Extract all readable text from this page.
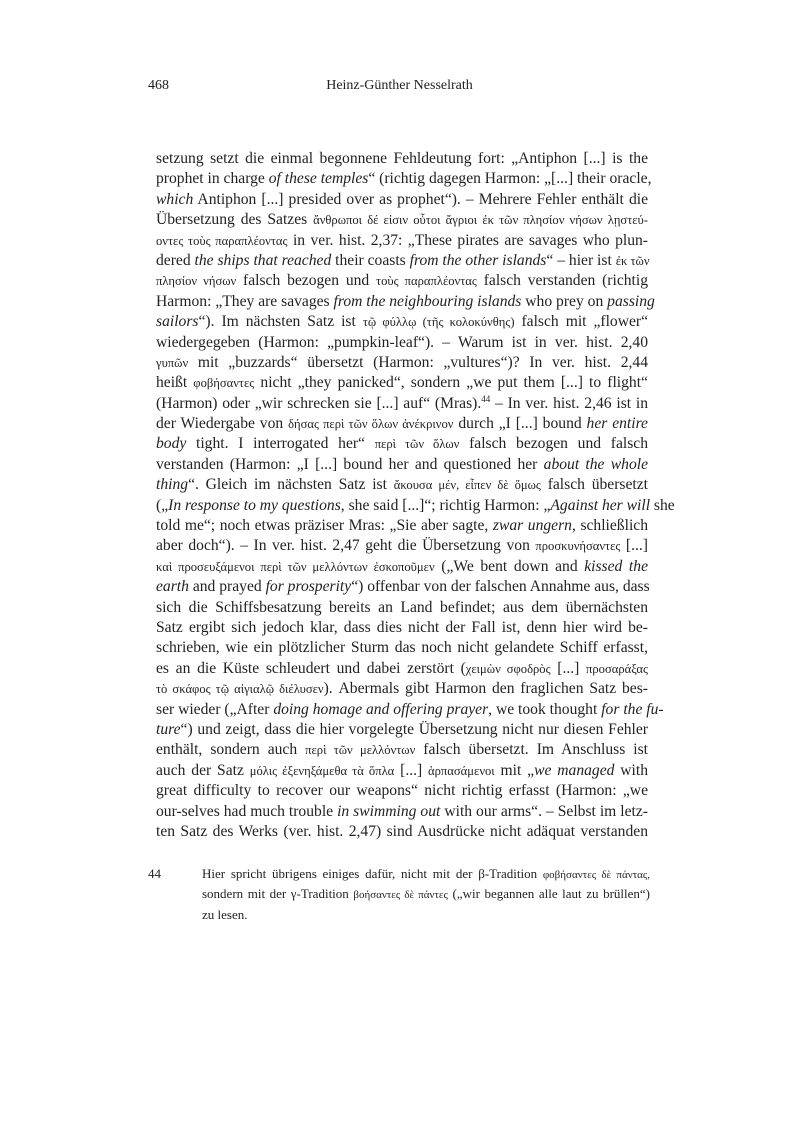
468	Heinz-Günther Nesselrath
setzung setzt die einmal begonnene Fehldeutung fort: „Antiphon [...] is the
prophet in charge of these temples“ (richtig dagegen Harmon: „[...] their oracle,
which Antiphon [...] presided over as prophet“). – Mehrere Fehler enthält die
Übersetzung des Satzes ἄνθρωποι δέ εἰσιν οὗτοι ἄγριοι ἐκ τῶν πλησίον νήσων λῃστεύ-
οντες τοὺς παραπλέοντας in ver. hist. 2,37: „These pirates are savages who plun-
dered the ships that reached their coasts from the other islands“ – hier ist ἐκ τῶν
πλησίον νήσων falsch bezogen und τοὺς παραπλέοντας falsch verstanden (richtig
Harmon: „They are savages from the neighbouring islands who prey on passing
sailors“). Im nächsten Satz ist τῷ φύλλῳ (τῆς κολοκύνθης) falsch mit „flower“
wiedergegeben (Harmon: „pumpkin-leaf“). – Warum ist in ver. hist. 2,40
γυπῶν mit „buzzards“ übersetzt (Harmon: „vultures“)? In ver. hist. 2,44
heißt φοβήσαντες nicht „they panicked“, sondern „we put them [...] to flight“
(Harmon) oder „wir schrecken sie [...] auf“ (Mras).$^{44}$ – In ver. hist. 2,46 ist in
der Wiedergabe von δήσας περὶ τῶν ὅλων ἀνέκρινον durch „I [...] bound her entire
body tight. I interrogated her“ περὶ τῶν ὅλων falsch bezogen und falsch
verstanden (Harmon: „I [...] bound her and questioned her about the whole
thing“. Gleich im nächsten Satz ist ἄκουσα μέν, εἶπεν δὲ ὅμως falsch übersetzt
(„In response to my questions, she said [...]“; richtig Harmon: „Against her will she
told me“; noch etwas präziser Mras: „Sie aber sagte, zwar ungern, schließlich
aber doch“). – In ver. hist. 2,47 geht die Übersetzung von προσκυνήσαντες [...]
καὶ προσευξάμενοι περὶ τῶν μελλόντων ἐσκοποῦμεν („We bent down and kissed the
earth and prayed for prosperity“) offenbar von der falschen Annahme aus, dass
sich die Schiffsbesatzung bereits an Land befindet; aus dem übernächsten
Satz ergibt sich jedoch klar, dass dies nicht der Fall ist, denn hier wird be-
schrieben, wie ein plötzlicher Sturm das noch nicht gelandete Schiff erfasst,
es an die Küste schleudert und dabei zerstört (χειμὼν σφοδρὸς [...] προσαράξας
τὸ σκάφος τῷ αἰγιαλῷ διέλυσεν). Abermals gibt Harmon den fraglichen Satz bes-
ser wieder („After doing homage and offering prayer, we took thought for the fu-
ture“) und zeigt, dass die hier vorgelegte Übersetzung nicht nur diesen Fehler
enthält, sondern auch περὶ τῶν μελλόντων falsch übersetzt. Im Anschluss ist
auch der Satz μόλις ἐξενηξάμεθα τὰ ὅπλα [...] ἁρπασάμενοι mit „we managed with
great difficulty to recover our weapons“ nicht richtig erfasst (Harmon: „we
our-selves had much trouble in swimming out with our arms“. – Selbst im letz-
ten Satz des Werks (ver. hist. 2,47) sind Ausdrücke nicht adäquat verstanden
44	Hier spricht übrigens einiges dafür, nicht mit der β-Tradition φοβήσαντες δὲ πάντας,
sondern mit der γ-Tradition βοήσαντες δὲ πάντες („wir begannen alle laut zu brüllen“)
zu lesen.
